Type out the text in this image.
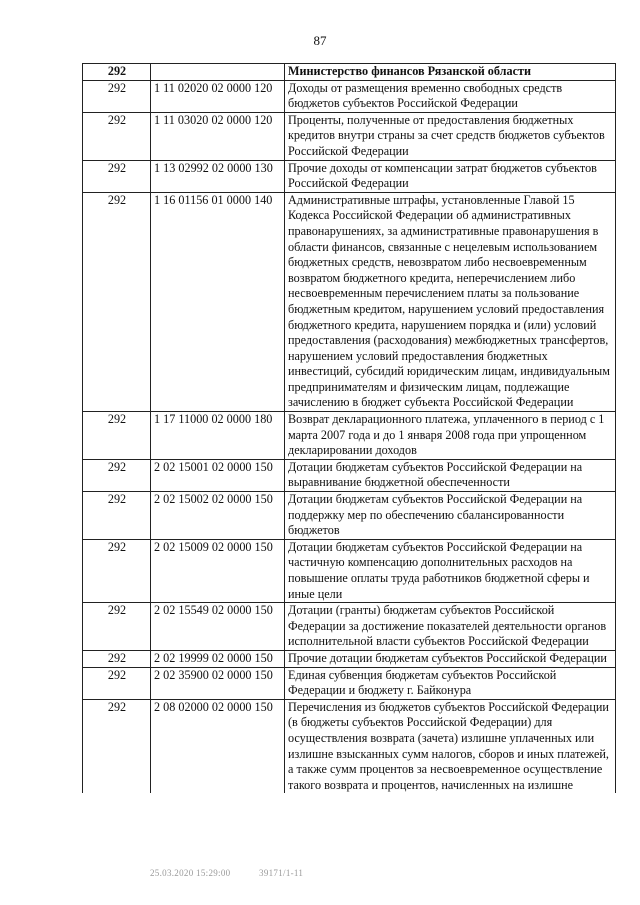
87
292		Министерство финансов Рязанской области
292	1 11 02020 02 0000 120	Доходы от размещения временно свободных средств бюджетов субъектов Российской Федерации
292	1 11 03020 02 0000 120	Проценты, полученные от предоставления бюджетных кредитов внутри страны за счет средств бюджетов субъектов Российской Федерации
292	1 13 02992 02 0000 130	Прочие доходы от компенсации затрат бюджетов субъектов Российской Федерации
292	1 16 01156 01 0000 140	Административные штрафы, установленные Главой 15 Кодекса Российской Федерации об административных правонарушениях, за административные правонарушения в области финансов, связанные с нецелевым использованием бюджетных средств, невозвратом либо несвоевременным возвратом бюджетного кредита, неперечислением либо несвоевременным перечислением платы за пользование бюджетным кредитом, нарушением условий предоставления бюджетного кредита, нарушением порядка и (или) условий предоставления (расходования) межбюджетных трансфертов, нарушением условий предоставления бюджетных инвестиций, субсидий юридическим лицам, индивидуальным предпринимателям и физическим лицам, подлежащие зачислению в бюджет субъекта Российской Федерации
292	1 17 11000 02 0000 180	Возврат декларационного платежа, уплаченного в период с 1 марта 2007 года и до 1 января 2008 года при упрощенном декларировании доходов
292	2 02 15001 02 0000 150	Дотации бюджетам субъектов Российской Федерации на выравнивание бюджетной обеспеченности
292	2 02 15002 02 0000 150	Дотации бюджетам субъектов Российской Федерации на поддержку мер по обеспечению сбалансированности бюджетов
292	2 02 15009 02 0000 150	Дотации бюджетам субъектов Российской Федерации на частичную компенсацию дополнительных расходов на повышение оплаты труда работников бюджетной сферы и иные цели
292	2 02 15549 02 0000 150	Дотации (гранты) бюджетам субъектов Российской Федерации за достижение показателей деятельности органов исполнительной власти субъектов Российской Федерации
292	2 02 19999 02 0000 150	Прочие дотации бюджетам субъектов Российской Федерации
292	2 02 35900 02 0000 150	Единая субвенция бюджетам субъектов Российской Федерации и бюджету г. Байконура
292	2 08 02000 02 0000 150	Перечисления из бюджетов субъектов Российской Федерации (в бюджеты субъектов Российской Федерации) для осуществления возврата (зачета) излишне уплаченных или излишне взысканных сумм налогов, сборов и иных платежей, а также сумм процентов за несвоевременное осуществление такого возврата и процентов, начисленных на излишне
25.03.2020 15:29:00	39171/1-11
